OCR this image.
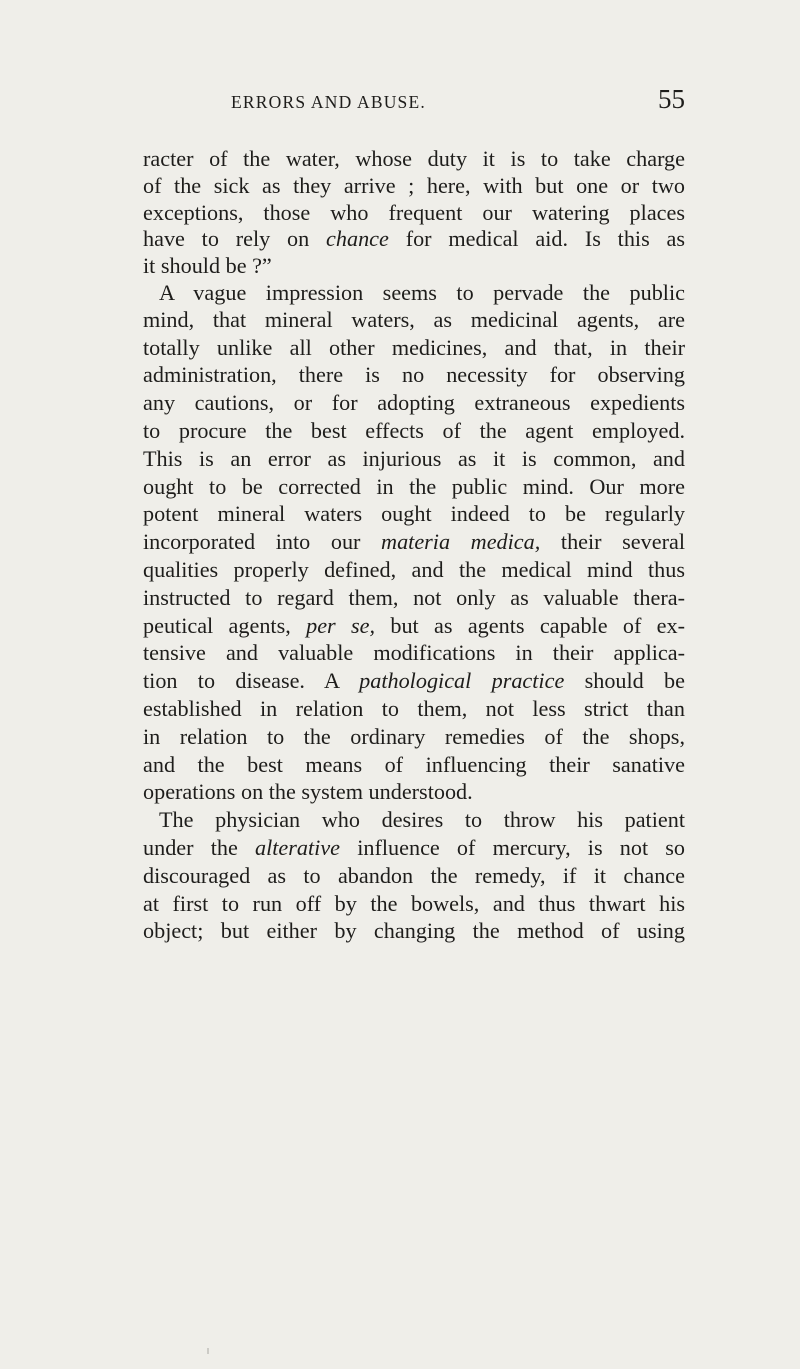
ERRORS AND ABUSE.	55
racter of the water, whose duty it is to take charge
of the sick as they arrive ; here, with but one or two
exceptions, those who frequent our watering places
have to rely on chance for medical aid. Is this as
it should be ?”
A vague impression seems to pervade the public
mind, that mineral waters, as medicinal agents, are
totally unlike all other medicines, and that, in their
administration, there is no necessity for observing
any cautions, or for adopting extraneous expedients
to procure the best effects of the agent employed.
This is an error as injurious as it is common, and
ought to be corrected in the public mind. Our more
potent mineral waters ought indeed to be regularly
incorporated into our materia medica, their several
qualities properly defined, and the medical mind thus
instructed to regard them, not only as valuable thera-
peutical agents, per se, but as agents capable of ex-
tensive and valuable modifications in their applica-
tion to disease. A pathological practice should be
established in relation to them, not less strict than
in relation to the ordinary remedies of the shops,
and the best means of influencing their sanative
operations on the system understood.
The physician who desires to throw his patient
under the alterative influence of mercury, is not so
discouraged as to abandon the remedy, if it chance
at first to run off by the bowels, and thus thwart his
object; but either by changing the method of using
